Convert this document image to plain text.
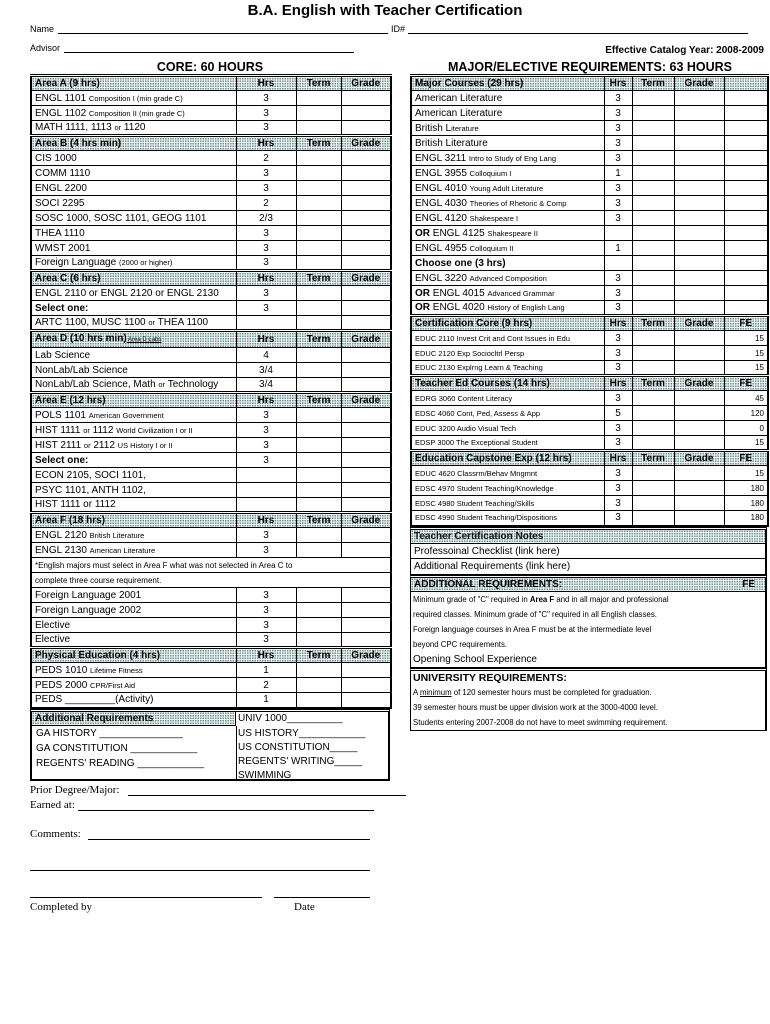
B.A. English with Teacher Certification
Name	ID#
Advisor	Effective Catalog Year: 2008-2009
CORE: 60 HOURS	MAJOR/ELECTIVE REQUIREMENTS: 63 HOURS
Area A (9 hrs)	Hrs	Term	Grade
ENGL 1101 Composition I (min grade C)	3		
ENGL 1102 Composition II (min grade C)	3		
MATH 1111, 1113 or 1120	3		
Area B (4 hrs min)	Hrs	Term	Grade
CIS 1000	2		
COMM 1110	3		
ENGL 2200	3		
SOCI 2295	2		
SOSC 1000, SOSC 1101, GEOG 1101	2/3		
THEA 1110	3		
WMST 2001	3		
Foreign Language (2000 or higher)	3		
Area C (6 hrs)	Hrs	Term	Grade
ENGL 2110 or ENGL 2120 or ENGL 2130	3		
Select one:	3		
ARTC 1100, MUSC 1100 or THEA 1100			
Area D (10 hrs min) Area D Labs	Hrs	Term	Grade
Lab Science	4		
NonLab/Lab Science	3/4		
NonLab/Lab Science, Math or Technology	3/4		
Area E (12 hrs)	Hrs	Term	Grade
POLS 1101 American Government	3		
HIST 1111 or 1112 World Civilization I or II	3		
HIST 2111 or 2112 US History I or II	3		
Select one:	3		
ECON 2105, SOCI 1101,			
PSYC 1101, ANTH 1102,			
HIST 1111 or 1112			
Area F (18 hrs)	Hrs	Term	Grade
ENGL 2120 British Literature	3		
ENGL 2130 American Literature	3		
*English majors must select in Area F what was not selected in Area C to			
complete three course requirement.			
Foreign Language 2001	3		
Foreign Language 2002	3		
Elective	3		
Elective	3		
Physical Education (4 hrs)	Hrs	Term	Grade
PEDS 1010 Lifetime Fitness	1		
PEDS 2000 CPR/First Aid	2		
PEDS _________(Activity)	1		
Additional Requirements	UNIV 1000__________
GA HISTORY _______________
GA CONSTITUTION ____________
REGENTS' READING ____________
US HISTORY____________
US CONSTITUTION_____
REGENTS' WRITING_____
SWIMMING __________
Major Courses (29 hrs)	Hrs	Term	Grade	
American Literature	3			
American Literature	3			
British Literature	3			
British Literature	3			
ENGL 3211 Intro to Study of Eng Lang	3			
ENGL 3955 Colloquium I	1			
ENGL 4010 Young Adult Literature	3			
ENGL 4030 Theories of Rhetoric & Comp	3			
ENGL 4120 Shakespeare I	3			
OR ENGL 4125 Shakespeare II				
ENGL 4955 Colloquium II	1			
Choose one (3 hrs)				
ENGL 3220 Advanced Composition	3			
OR ENGL 4015 Advanced Grammar	3			
OR ENGL 4020 History of English Lang	3			
Certification Core (9 hrs)	Hrs	Term	Grade	FE
EDUC 2110 Invest Crit and Cont Issues in Edu	3			15
EDUC 2120 Exp Sociocltrl Persp	3			15
EDUC 2130 Explrng Learn & Teaching	3			15
Teacher Ed Courses (14 hrs)	Hrs	Term	Grade	FE
EDRG 3060 Content Literacy	3			45
EDSC 4060 Cont, Ped, Assess & App	5			120
EDUC 3200 Audio Visual Tech	3			0
EDSP 3000 The Exceptional Student	3			15
Education Capstone Exp (12 hrs)	Hrs	Term	Grade	FE
EDUC 4620 Classrm/Behav Mngmnt	3			15
EDSC 4970 Student Teaching/Knowledge	3			180
EDSC 4980 Student Teaching/Skills	3			180
EDSC 4990 Student Teaching/Dispositions	3			180
Teacher Certification Notes
Professoinal Checklist (link here)
Additional Requirements (link here)
ADDITIONAL REQUIREMENTS:	FE
Minimum grade of "C" required in Area F and in all major and professional
required classes. Minimum grade of "C" required in all English classes.
Foreign language courses in Area F must be at the intermediate level
beyond CPC requirements.
Opening School Experience
UNIVERSITY REQUIREMENTS:
A minimum of 120 semester hours must be completed for graduation.
39 semester hours must be upper division work at the 3000-4000 level.
Students entering 2007-2008 do not have to meet swimming requirement.
Prior Degree/Major:
Earned at:
Comments:
Completed by	Date
